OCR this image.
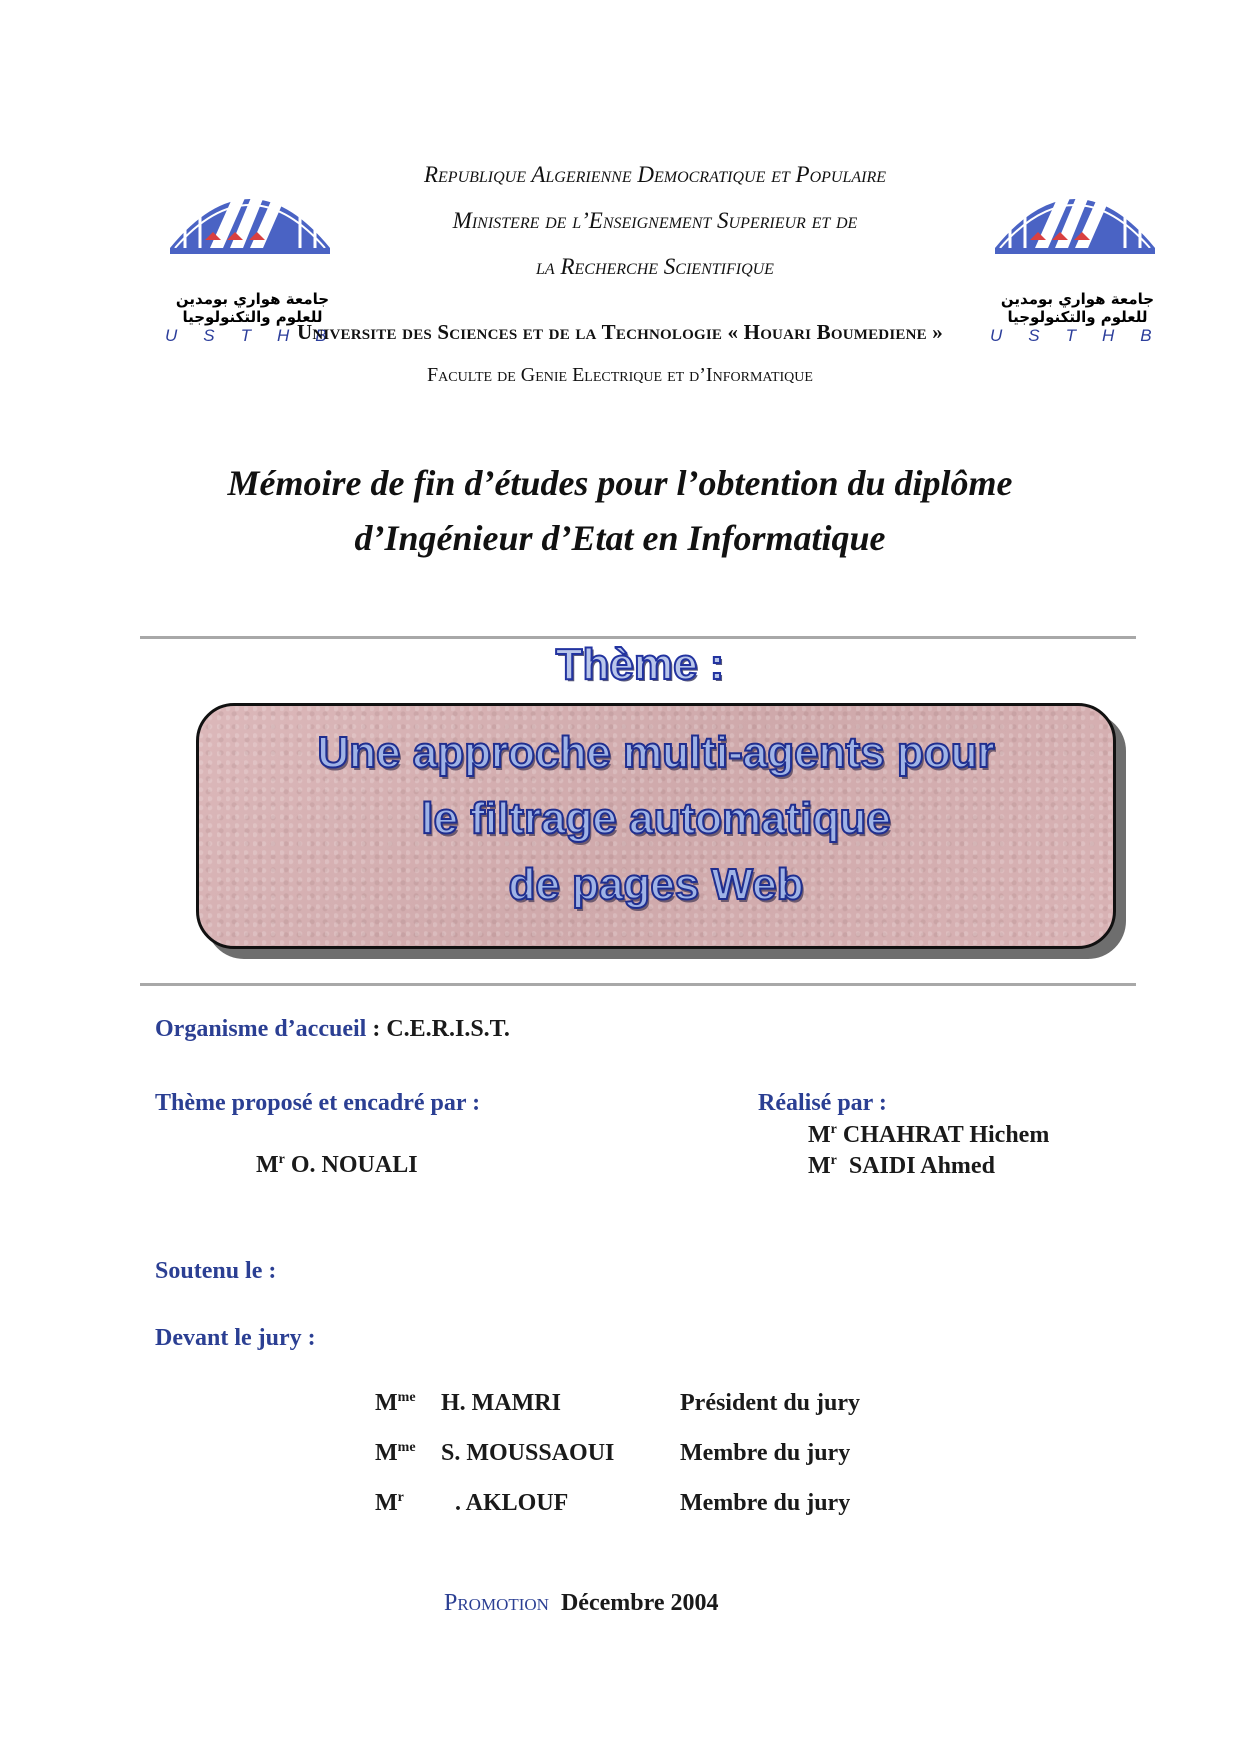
جامعة هواري بومدين
للعلوم والتكنولوجيا
USTHB
جامعة هواري بومدين
للعلوم والتكنولوجيا
USTHB
Republique Algerienne Democratique et Populaire
Ministere de l’Enseignement Superieur et de
la Recherche Scientifique
Universite des Sciences et de la Technologie « Houari Boumediene »
Faculte de Genie Electrique et d’Informatique
Mémoire de fin d’études pour l’obtention du diplôme
d’Ingénieur d’Etat en Informatique
Thème :
Une approche multi-agents pour
le filtrage automatique
de pages Web
Organisme d’accueil : C.E.R.I.S.T.
Thème proposé et encadré par :
$M^r$ O. NOUALI
Réalisé par :
$M^r$ CHAHRAT Hichem
$M^r$ SAIDI Ahmed
Soutenu le :
Devant le jury :
$M^{me}$ H. MAMRI	Président du jury
$M^{me}$ S. MOUSSAOUI	Membre du jury
$M^r$ . AKLOUF	Membre du jury
Promotion Décembre 2004
